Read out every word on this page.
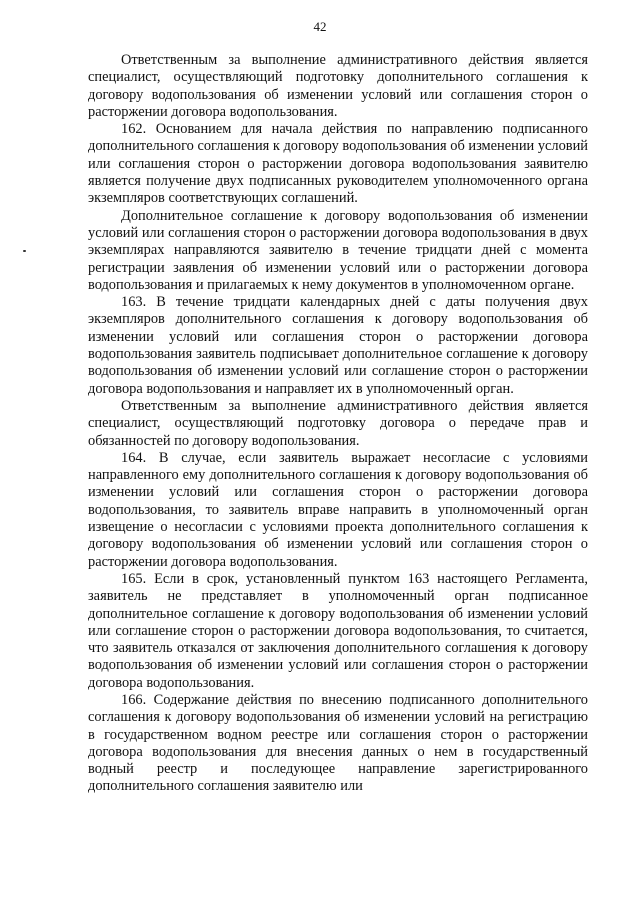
42

Ответственным за выполнение административного действия является специалист, осуществляющий подготовку дополнительного соглашения к договору водопользования об изменении условий или соглашения сторон о расторжении договора водопользования.

162. Основанием для начала действия по направлению подписанного дополнительного соглашения к договору водопользования об изменении условий или соглашения сторон о расторжении договора водопользования заявителю является получение двух подписанных руководителем уполномоченного органа экземпляров соответствующих соглашений.

Дополнительное соглашение к договору водопользования об изменении условий или соглашения сторон о расторжении договора водопользования в двух экземплярах направляются заявителю в течение тридцати дней с момента регистрации заявления об изменении условий или о расторжении договора водопользования и прилагаемых к нему документов в уполномоченном органе.

163. В течение тридцати календарных дней с даты получения двух экземпляров дополнительного соглашения к договору водопользования об изменении условий или соглашения сторон о расторжении договора водопользования заявитель подписывает дополнительное соглашение к договору водопользования об изменении условий или соглашение сторон о расторжении договора водопользования и направляет их в уполномоченный орган.

Ответственным за выполнение административного действия является специалист, осуществляющий подготовку договора о передаче прав и обязанностей по договору водопользования.

164. В случае, если заявитель выражает несогласие с условиями направленного ему дополнительного соглашения к договору водопользования об изменении условий или соглашения сторон о расторжении договора водопользования, то заявитель вправе направить в уполномоченный орган извещение о несогласии с условиями проекта дополнительного соглашения к договору водопользования об изменении условий или соглашения сторон о расторжении договора водопользования.

165. Если в срок, установленный пунктом 163 настоящего Регламента, заявитель не представляет в уполномоченный орган подписанное дополнительное соглашение к договору водопользования об изменении условий или соглашение сторон о расторжении договора водопользования, то считается, что заявитель отказался от заключения дополнительного соглашения к договору водопользования об изменении условий или соглашения сторон о расторжении договора водопользования.

166. Содержание действия по внесению подписанного дополнительного соглашения к договору водопользования об изменении условий на регистрацию в государственном водном реестре или соглашения сторон о расторжении договора водопользования для внесения данных о нем в государственный водный реестр и последующее направление зарегистрированного дополнительного соглашения заявителю или
